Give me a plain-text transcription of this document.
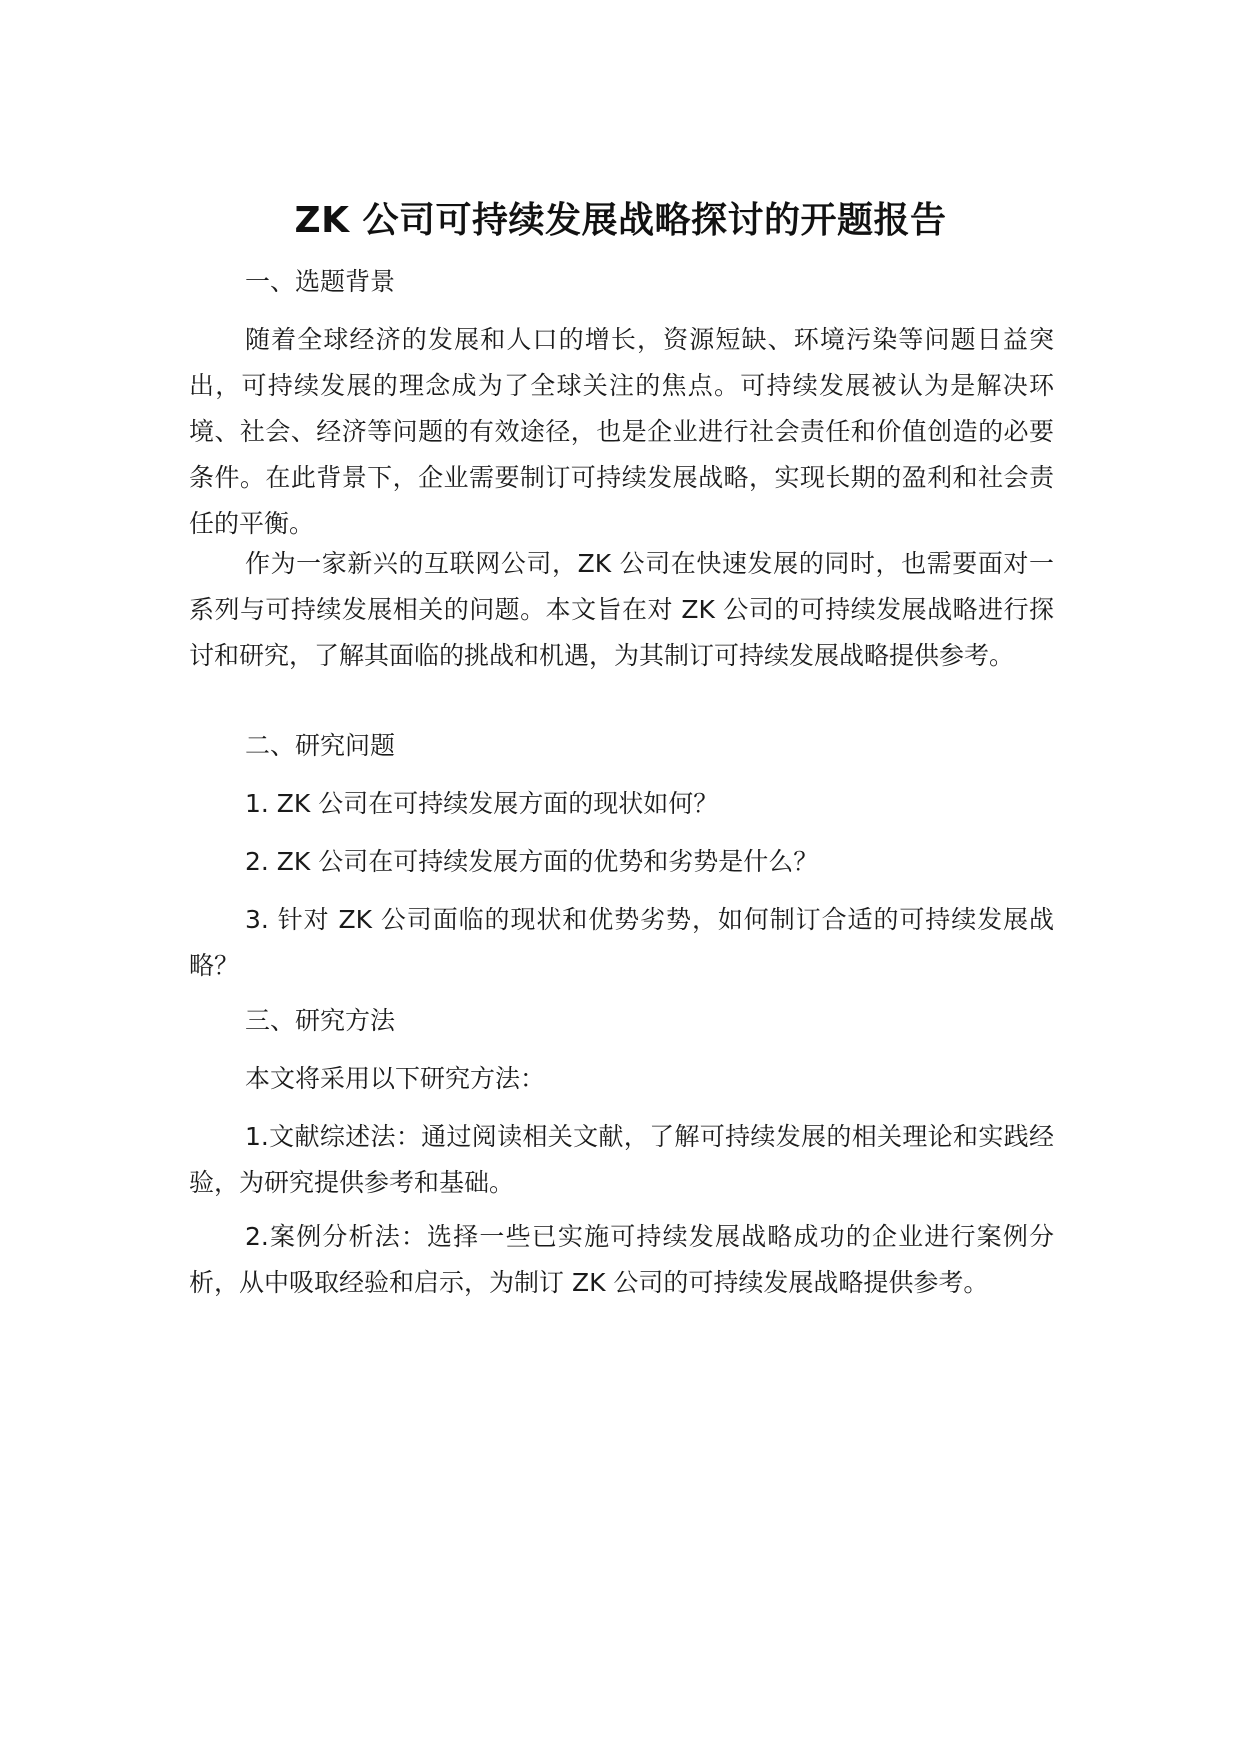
ZK 公司可持续发展战略探讨的开题报告

一、选题背景

随着全球经济的发展和人口的增长，资源短缺、环境污染等问题日益突出，可持续发展的理念成为了全球关注的焦点。可持续发展被认为是解决环境、社会、经济等问题的有效途径，也是企业进行社会责任和价值创造的必要条件。在此背景下，企业需要制订可持续发展战略，实现长期的盈利和社会责任的平衡。

作为一家新兴的互联网公司，ZK 公司在快速发展的同时，也需要面对一系列与可持续发展相关的问题。本文旨在对 ZK 公司的可持续发展战略进行探讨和研究，了解其面临的挑战和机遇，为其制订可持续发展战略提供参考。

二、研究问题

1. ZK 公司在可持续发展方面的现状如何？

2. ZK 公司在可持续发展方面的优势和劣势是什么？

3. 针对 ZK 公司面临的现状和优势劣势，如何制订合适的可持续发展战略？

三、研究方法

本文将采用以下研究方法：

1.文献综述法：通过阅读相关文献，了解可持续发展的相关理论和实践经验，为研究提供参考和基础。

2.案例分析法：选择一些已实施可持续发展战略成功的企业进行案例分析，从中吸取经验和启示，为制订 ZK 公司的可持续发展战略提供参考。
